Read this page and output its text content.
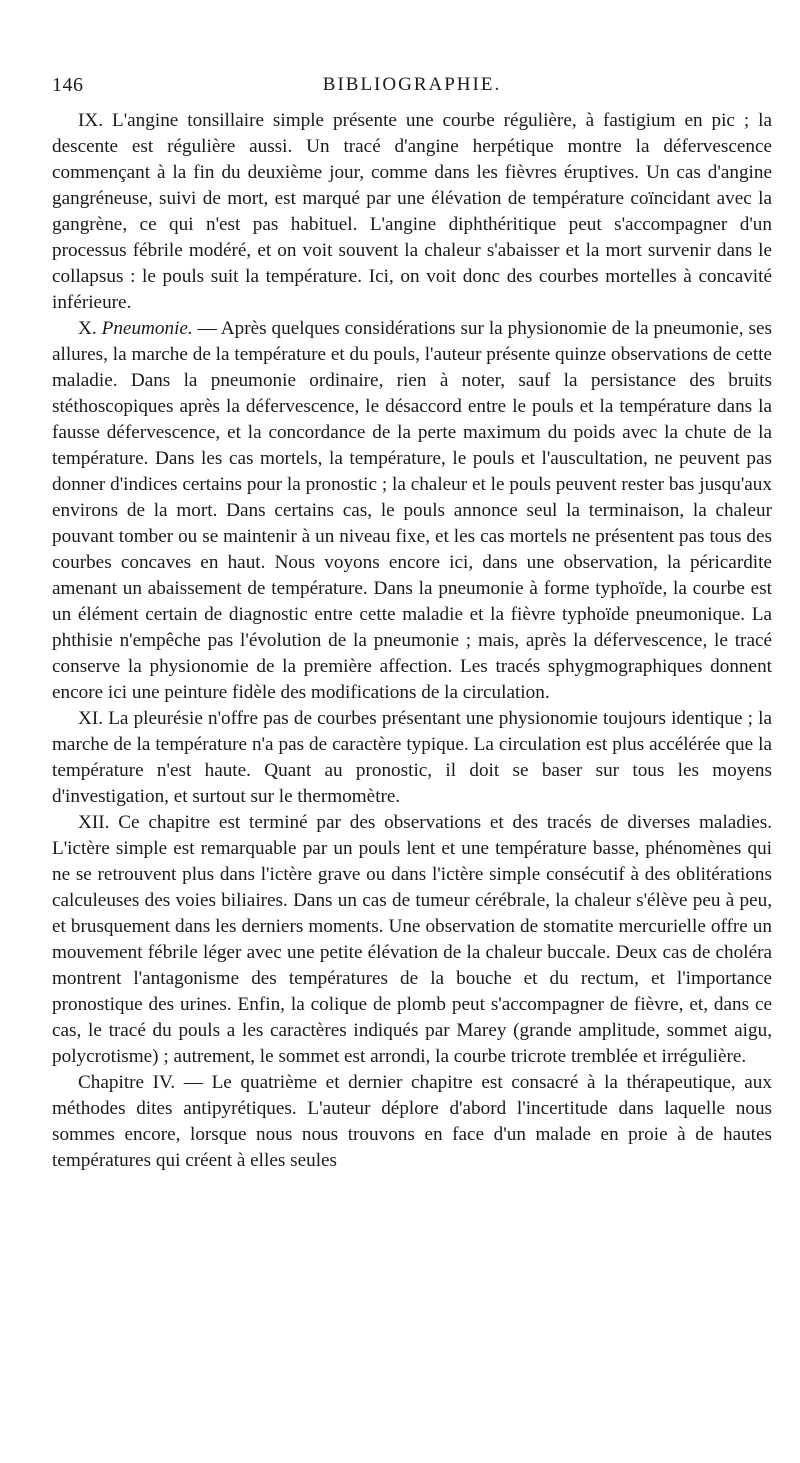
146	BIBLIOGRAPHIE.

IX. L'angine tonsillaire simple présente une courbe régulière, à fastigium en pic ; la descente est régulière aussi. Un tracé d'angine herpétique montre la défervescence commençant à la fin du deuxième jour, comme dans les fièvres éruptives. Un cas d'angine gangréneuse, suivi de mort, est marqué par une élévation de température coïncidant avec la gangrène, ce qui n'est pas habituel. L'angine diphthéritique peut s'accompagner d'un processus fébrile modéré, et on voit souvent la chaleur s'abaisser et la mort survenir dans le collapsus : le pouls suit la température. Ici, on voit donc des courbes mortelles à concavité inférieure.

X. Pneumonie. — Après quelques considérations sur la physionomie de la pneumonie, ses allures, la marche de la température et du pouls, l'auteur présente quinze observations de cette maladie. Dans la pneumonie ordinaire, rien à noter, sauf la persistance des bruits stéthoscopiques après la défervescence, le désaccord entre le pouls et la température dans la fausse défervescence, et la concordance de la perte maximum du poids avec la chute de la température. Dans les cas mortels, la température, le pouls et l'auscultation, ne peuvent pas donner d'indices certains pour la pronostic ; la chaleur et le pouls peuvent rester bas jusqu'aux environs de la mort. Dans certains cas, le pouls annonce seul la terminaison, la chaleur pouvant tomber ou se maintenir à un niveau fixe, et les cas mortels ne présentent pas tous des courbes concaves en haut. Nous voyons encore ici, dans une observation, la péricardite amenant un abaissement de température. Dans la pneumonie à forme typhoïde, la courbe est un élément certain de diagnostic entre cette maladie et la fièvre typhoïde pneumonique. La phthisie n'empêche pas l'évolution de la pneumonie ; mais, après la défervescence, le tracé conserve la physionomie de la première affection. Les tracés sphygmographiques donnent encore ici une peinture fidèle des modifications de la circulation.

XI. La pleurésie n'offre pas de courbes présentant une physionomie toujours identique ; la marche de la température n'a pas de caractère typique. La circulation est plus accélérée que la température n'est haute. Quant au pronostic, il doit se baser sur tous les moyens d'investigation, et surtout sur le thermomètre.

XII. Ce chapitre est terminé par des observations et des tracés de diverses maladies. L'ictère simple est remarquable par un pouls lent et une température basse, phénomènes qui ne se retrouvent plus dans l'ictère grave ou dans l'ictère simple consécutif à des oblitérations calculeuses des voies biliaires. Dans un cas de tumeur cérébrale, la chaleur s'élève peu à peu, et brusquement dans les derniers moments. Une observation de stomatite mercurielle offre un mouvement fébrile léger avec une petite élévation de la chaleur buccale. Deux cas de choléra montrent l'antagonisme des températures de la bouche et du rectum, et l'importance pronostique des urines. Enfin, la colique de plomb peut s'accompagner de fièvre, et, dans ce cas, le tracé du pouls a les caractères indiqués par Marey (grande amplitude, sommet aigu, polycrotisme) ; autrement, le sommet est arrondi, la courbe tricrote tremblée et irrégulière.

Chapitre IV. — Le quatrième et dernier chapitre est consacré à la thérapeutique, aux méthodes dites antipyrétiques. L'auteur déplore d'abord l'incertitude dans laquelle nous sommes encore, lorsque nous nous trouvons en face d'un malade en proie à de hautes températures qui créent à elles seules
